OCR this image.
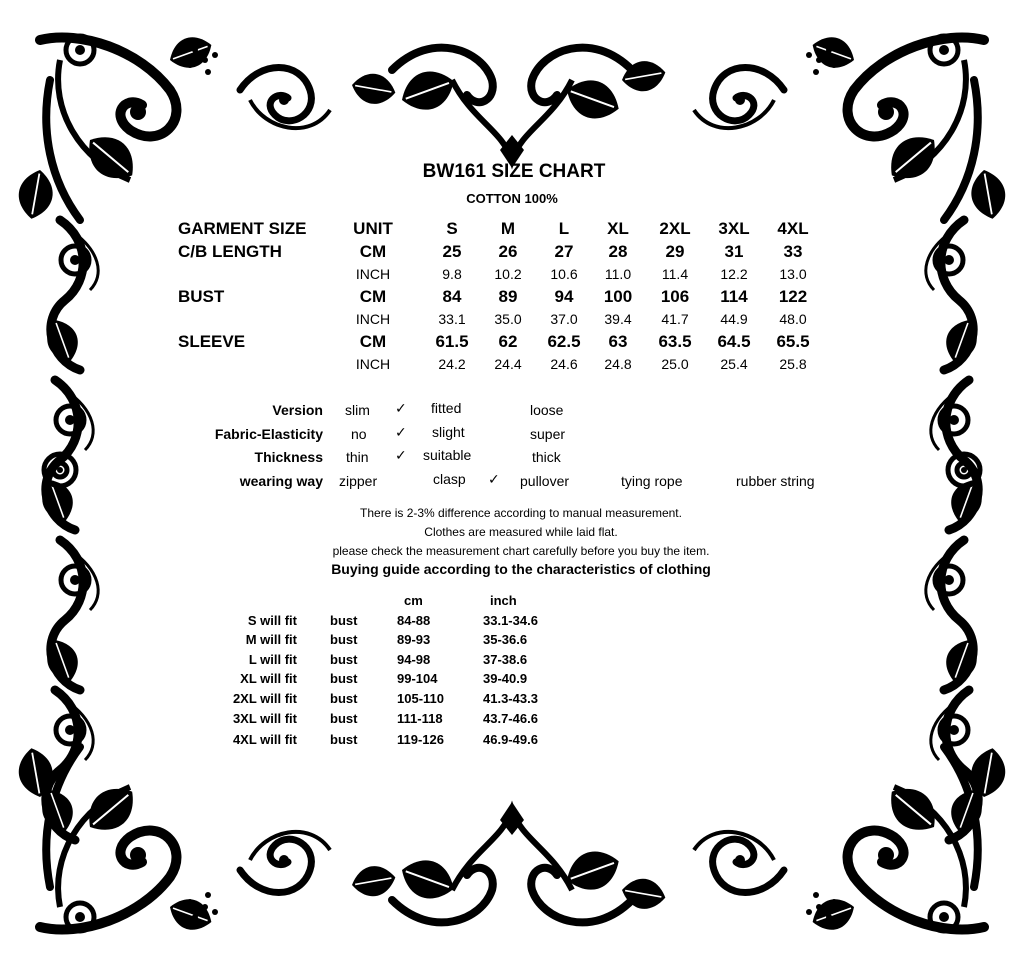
BW161 SIZE CHART
COTTON 100%
GARMENT SIZE	UNIT	S	M	L XL 2XL 3XL 4XL
C/B LENGTH	CM	25 26 27 28 29 31 33
INCH	9.8 10.2 10.6 11.0 11.4 12.2 13.0
BUST	CM	84 89 94 100 106 114 122
INCH	33.1 35.0 37.0 39.4 41.7 44.9 48.0
SLEEVE	CM	61.5 62 62.5 63 63.5 64.5 65.5
INCH	24.2 24.4 24.6 24.8 25.0 25.4 25.8
Version slim ✓ fitted	loose
Fabric-Elasticity no ✓ slight	super
Thickness thin ✓ suitable	thick
wearing way zipper	clasp ✓ pullover	tying rope	rubber string
There is 2-3% difference according to manual measurement.
Clothes are measured while laid flat.
please check the measurement chart carefully before you buy the item.
Buying guide according to the characteristics of clothing
cm	inch
S will fit	bust	84-88	33.1-34.6
M will fit	bust	89-93	35-36.6
L will fit	bust	94-98	37-38.6
XL will fit	bust	99-104	39-40.9
2XL will fit	bust	105-110	41.3-43.3
3XL will fit	bust	111-118	43.7-46.6
4XL will fit	bust	119-126	46.9-49.6
